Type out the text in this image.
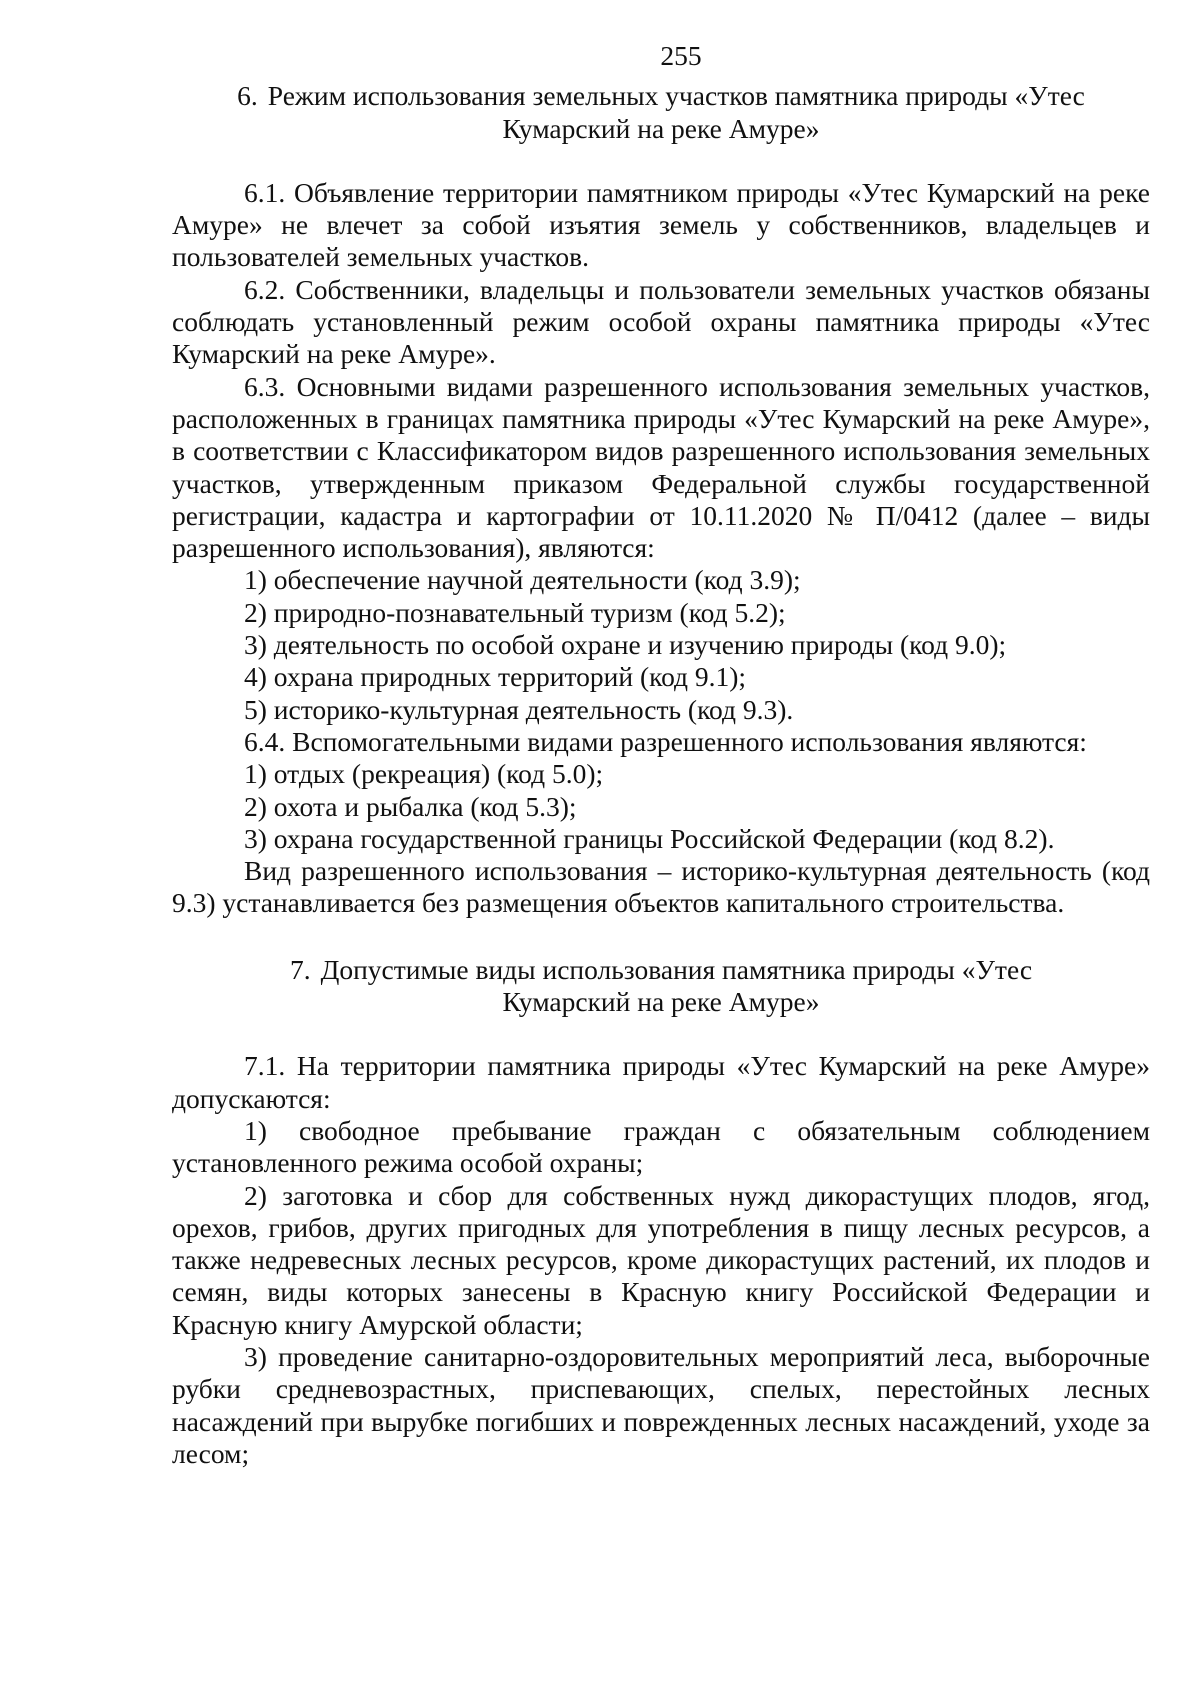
255
6. Режим использования земельных участков памятника природы «Утес
Кумарский на реке Амуре»

6.1. Объявление территории памятником природы «Утес Кумарский на реке Амуре» не влечет за собой изъятия земель у собственников, владельцев и пользователей земельных участков.

6.2. Собственники, владельцы и пользователи земельных участков обязаны соблюдать установленный режим особой охраны памятника природы «Утес Кумарский на реке Амуре».

6.3. Основными видами разрешенного использования земельных участков, расположенных в границах памятника природы «Утес Кумарский на реке Амуре», в соответствии с Классификатором видов разрешенного использования земельных участков, утвержденным приказом Федеральной службы государственной регистрации, кадастра и картографии от 10.11.2020 № П/0412 (далее – виды разрешенного использования), являются:

1) обеспечение научной деятельности (код 3.9);

2) природно-познавательный туризм (код 5.2);

3) деятельность по особой охране и изучению природы (код 9.0);

4) охрана природных территорий (код 9.1);

5) историко-культурная деятельность (код 9.3).

6.4. Вспомогательными видами разрешенного использования являются:

1) отдых (рекреация) (код 5.0);

2) охота и рыбалка (код 5.3);

3) охрана государственной границы Российской Федерации (код 8.2).

Вид разрешенного использования – историко-культурная деятельность (код 9.3) устанавливается без размещения объектов капитального строительства.

7. Допустимые виды использования памятника природы «Утес
Кумарский на реке Амуре»

7.1. На территории памятника природы «Утес Кумарский на реке Амуре» допускаются:

1) свободное пребывание граждан с обязательным соблюдением установленного режима особой охраны;

2) заготовка и сбор для собственных нужд дикорастущих плодов, ягод, орехов, грибов, других пригодных для употребления в пищу лесных ресурсов, а также недревесных лесных ресурсов, кроме дикорастущих растений, их плодов и семян, виды которых занесены в Красную книгу Российской Федерации и Красную книгу Амурской области;

3) проведение санитарно-оздоровительных мероприятий леса, выборочные рубки средневозрастных, приспевающих, спелых, перестойных лесных насаждений при вырубке погибших и поврежденных лесных насаждений, уходе за лесом;
